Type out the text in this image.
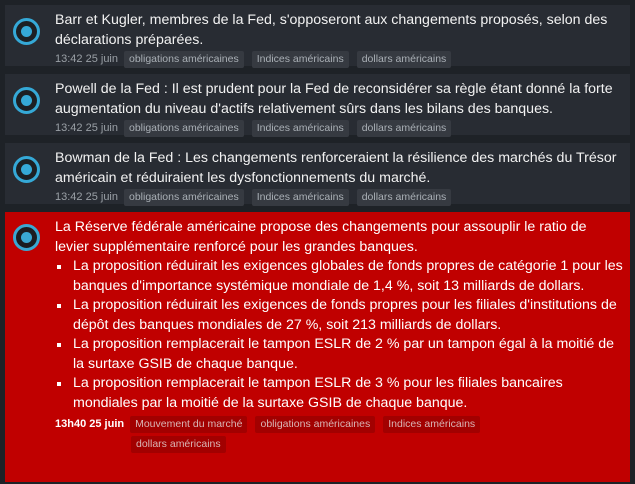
Barr et Kugler, membres de la Fed, s'opposeront aux changements proposés, selon des déclarations préparées.

13:42 25 juin	obligations américaines	Indices américains	dollars américains

Powell de la Fed : Il est prudent pour la Fed de reconsidérer sa règle étant donné la forte augmentation du niveau d'actifs relativement sûrs dans les bilans des banques.

13:42 25 juin	obligations américaines	Indices américains	dollars américains

Bowman de la Fed : Les changements renforceraient la résilience des marchés du Trésor américain et réduiraient les dysfonctionnements du marché.

13:42 25 juin	obligations américaines	Indices américains	dollars américains

La Réserve fédérale américaine propose des changements pour assouplir le ratio de levier supplémentaire renforcé pour les grandes banques.

La proposition réduirait les exigences globales de fonds propres de catégorie 1 pour les banques d'importance systémique mondiale de 1,4 %, soit 13 milliards de dollars.
La proposition réduirait les exigences de fonds propres pour les filiales d'institutions de dépôt des banques mondiales de 27 %, soit 213 milliards de dollars.
La proposition remplacerait le tampon ESLR de 2 % par un tampon égal à la moitié de la surtaxe GSIB de chaque banque.
La proposition remplacerait le tampon ESLR de 3 % pour les filiales bancaires mondiales par la moitié de la surtaxe GSIB de chaque banque.
13h40 25 juin	Mouvement du marché	obligations américaines	Indices américains
dollars américains
